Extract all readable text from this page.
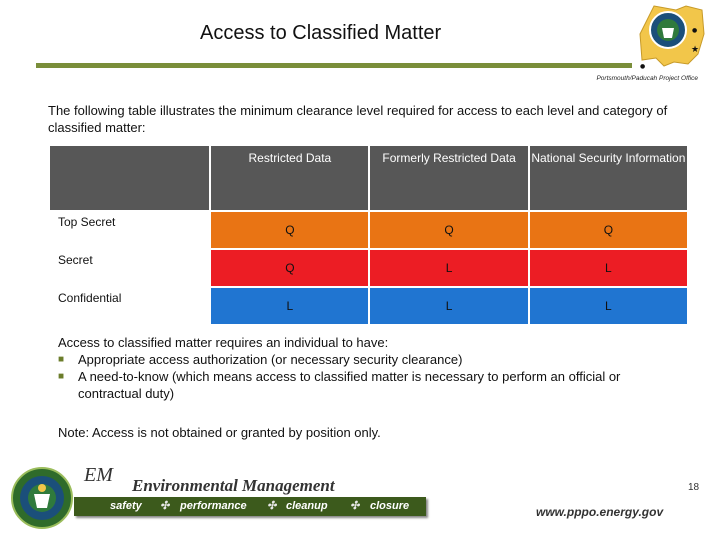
Access to Classified Matter
★
●
●
Portsmouth/Paducah Project Office
The following table illustrates the minimum clearance level required for access to each level and category of classified matter:
	Restricted Data	Formerly Restricted Data	National Security Information
Top Secret	Q	Q	Q
Secret	Q	L	L
Confidential	L	L	L
Access to classified matter requires an individual to have:
■	Appropriate access authorization (or necessary security clearance)
■	A need-to-know (which means access to classified matter is necessary to perform an official or contractual duty)
Note: Access is not obtained or granted by position only.
EM Environmental Management
safety ✣ performance ✣ cleanup ✣ closure
18
www.pppo.energy.gov
